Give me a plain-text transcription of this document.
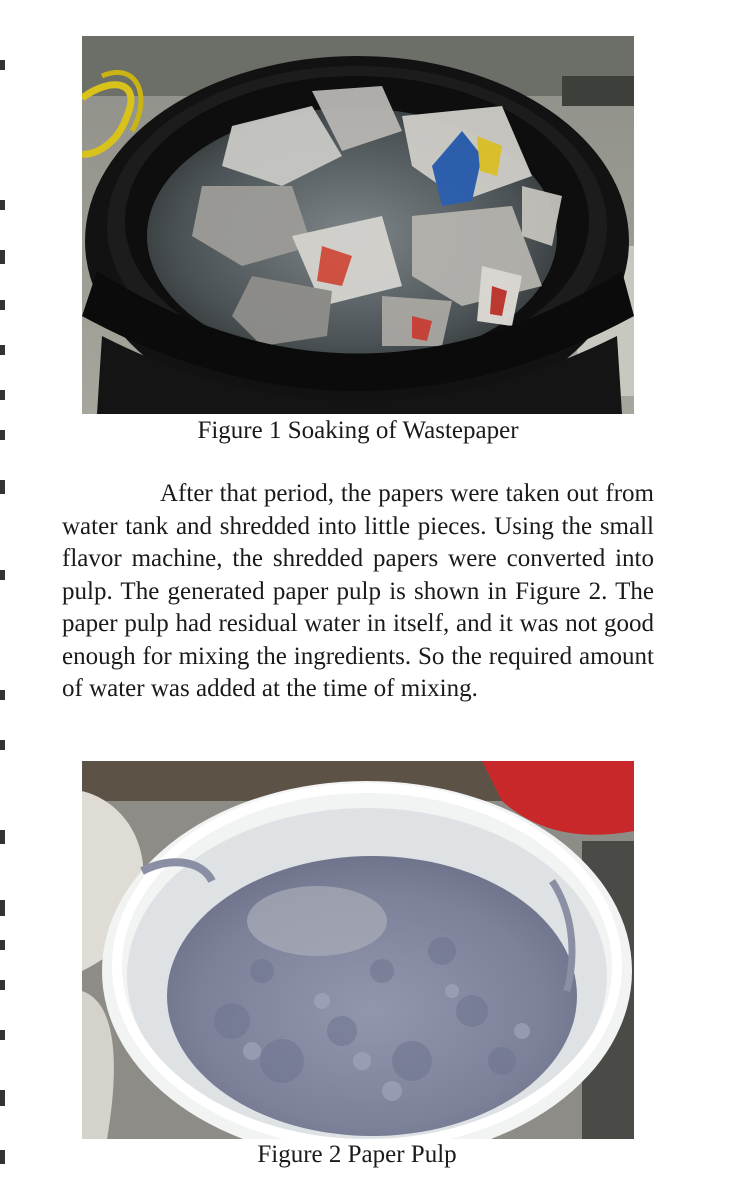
Figure 1 Soaking of Wastepaper

After that period, the papers were taken out from water tank and shredded into little pieces. Using the small flavor machine, the shredded papers were converted into pulp. The generated paper pulp is shown in Figure 2. The paper pulp had residual water in itself, and it was not good enough for mixing the ingredients. So the required amount of water was added at the time of mixing.

Figure 2 Paper Pulp
